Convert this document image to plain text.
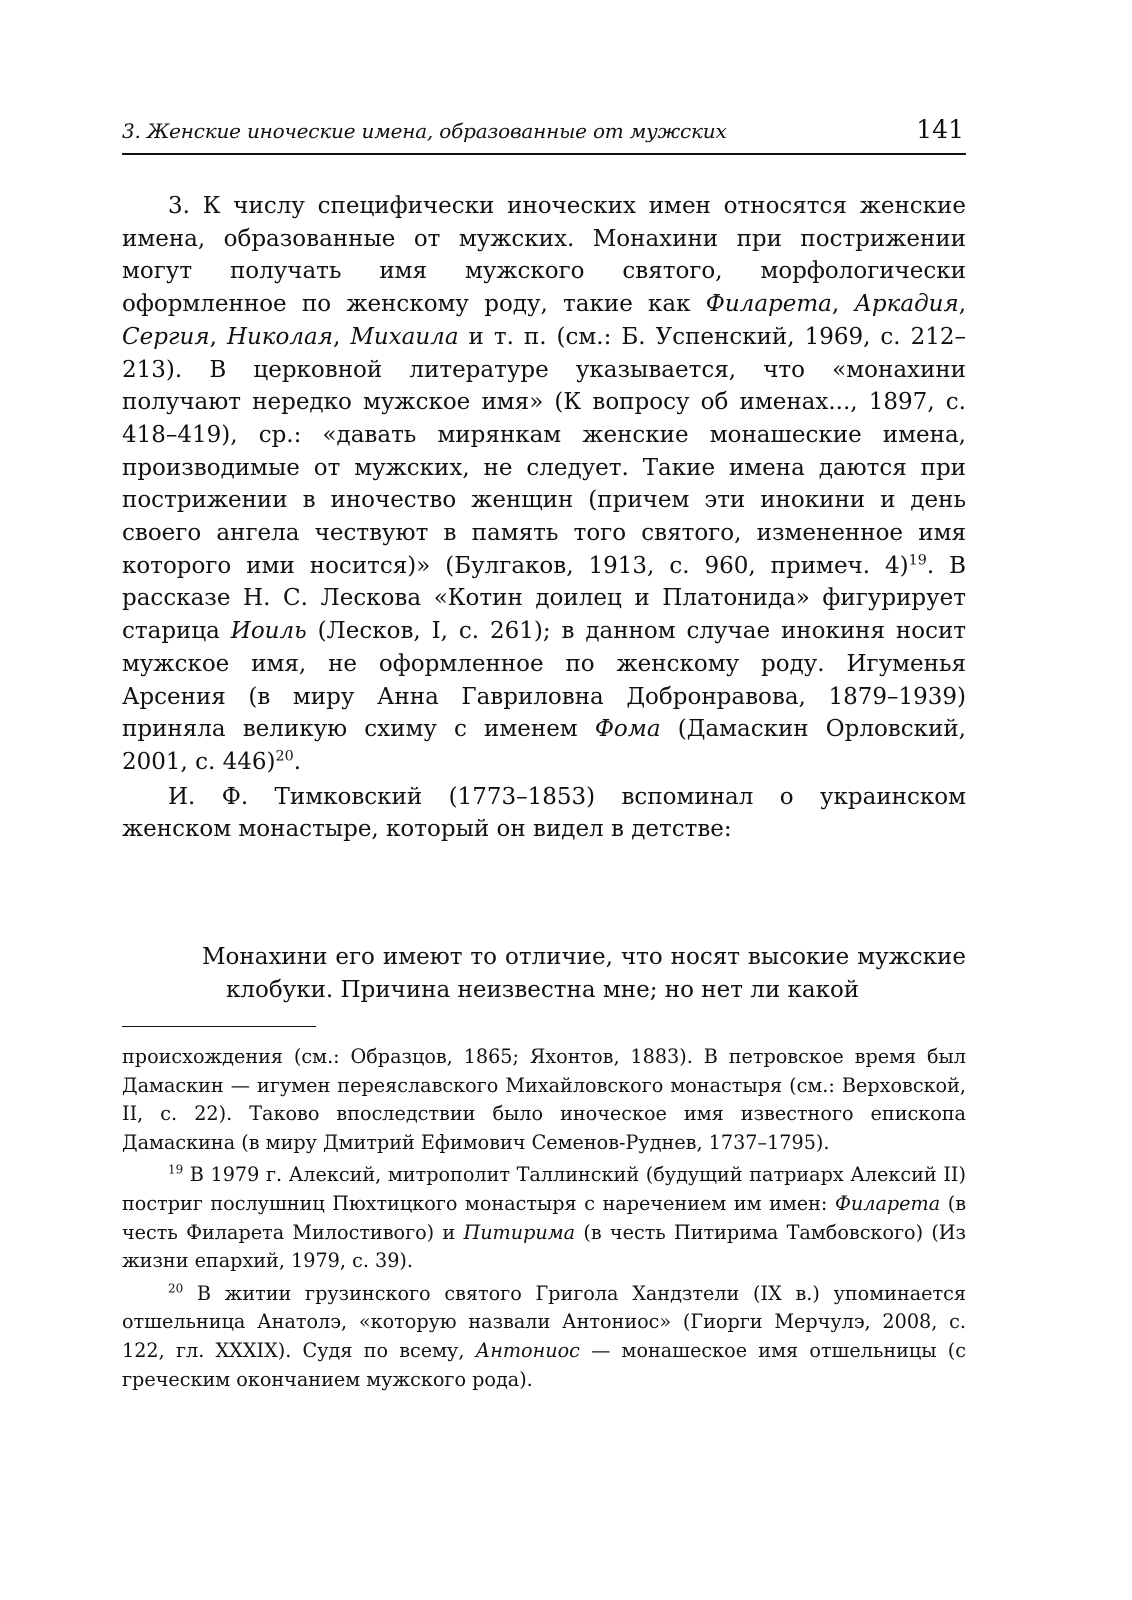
3. Женские иноческие имена, образованные от мужских	141

3. К числу специфически иноческих имен относятся женские имена, образованные от мужских. Монахини при пострижении могут получать имя мужского святого, морфологически оформленное по женскому роду, такие как Филарета, Аркадия, Сергия, Николая, Михаила и т. п. (см.: Б. Успенский, 1969, с. 212–213). В церковной литературе указывается, что «монахини получают нередко мужское имя» (К вопросу об именах..., 1897, с. 418–419), ср.: «давать мирянкам женские монашеские имена, производимые от мужских, не следует. Такие имена даются при пострижении в иночество женщин (причем эти инокини и день своего ангела чествуют в память того святого, измененное имя которого ими носится)» (Булгаков, 1913, с. 960, примеч. 4)$^{19}$. В рассказе Н. С. Лескова «Котин доилец и Платонида» фигурирует старица Иоиль (Лесков, I, с. 261); в данном случае инокиня носит мужское имя, не оформленное по женскому роду. Игуменья Арсения (в миру Анна Гавриловна Добронравова, 1879–1939) приняла великую схиму с именем Фома (Дамаскин Орловский, 2001, с. 446)$^{20}$.

И. Ф. Тимковский (1773–1853) вспоминал о украинском женском монастыре, который он видел в детстве:

Монахини его имеют то отличие, что носят высокие мужские клобуки. Причина неизвестна мне; но нет ли какой

происхождения (см.: Образцов, 1865; Яхонтов, 1883). В петровское время был Дамаскин — игумен переяславского Михайловского монастыря (см.: Верховской, II, с. 22). Таково впоследствии было иноческое имя известного епископа Дамаскина (в миру Дмитрий Ефимович Семенов-Руднев, 1737–1795).

$^{19}$ В 1979 г. Алексий, митрополит Таллинский (будущий патриарх Алексий II) постриг послушниц Пюхтицкого монастыря с наречением им имен: Филарета (в честь Филарета Милостивого) и Питирима (в честь Питирима Тамбовского) (Из жизни епархий, 1979, с. 39).

$^{20}$ В житии грузинского святого Григола Хандзтели (IX в.) упоминается отшельница Анатолэ, «которую назвали Антониос» (Гиорги Мерчулэ, 2008, с. 122, гл. XXXIX). Судя по всему, Антониос — монашеское имя отшельницы (с греческим окончанием мужского рода).
